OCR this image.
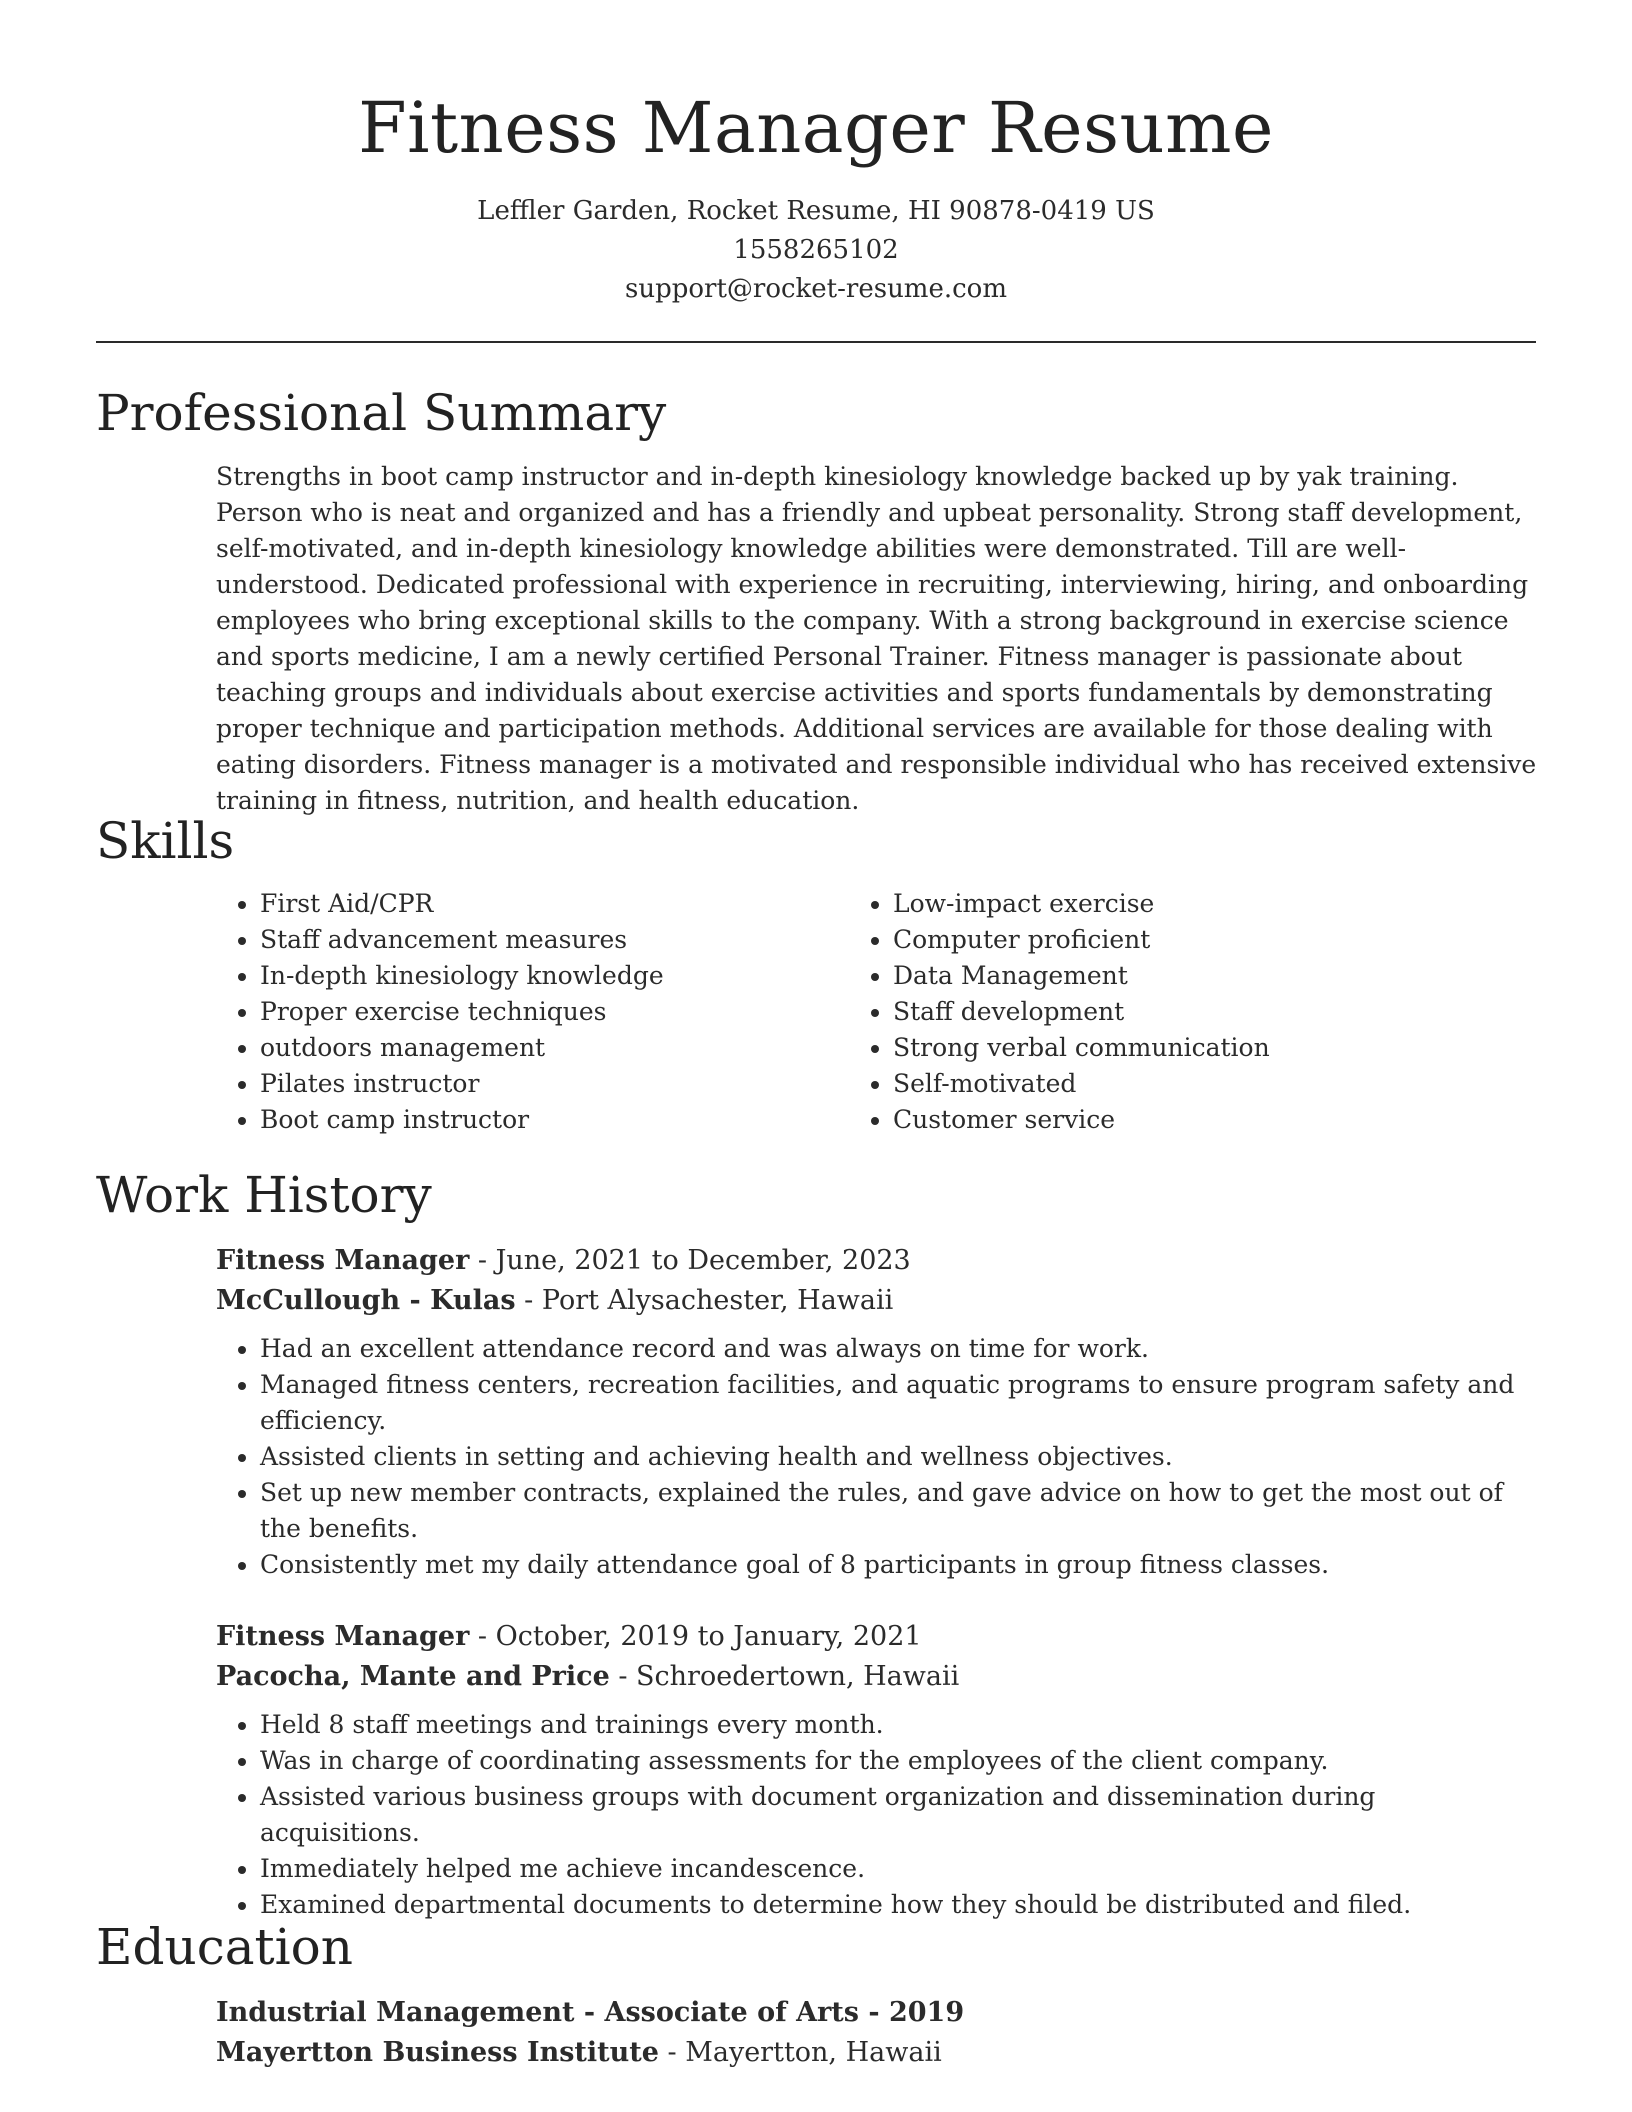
Fitness Manager Resume
Leffler Garden, Rocket Resume, HI 90878-0419 US
1558265102
support@rocket-resume.com
Professional Summary

Strengths in boot camp instructor and in-depth kinesiology knowledge backed up by yak training. Person who is neat and organized and has a friendly and upbeat personality. Strong staff development, self-motivated, and in-depth kinesiology knowledge abilities were demonstrated. Till are well-understood. Dedicated professional with experience in recruiting, interviewing, hiring, and onboarding employees who bring exceptional skills to the company. With a strong background in exercise science and sports medicine, I am a newly certified Personal Trainer. Fitness manager is passionate about teaching groups and individuals about exercise activities and sports fundamentals by demonstrating proper technique and participation methods. Additional services are available for those dealing with eating disorders. Fitness manager is a motivated and responsible individual who has received extensive training in fitness, nutrition, and health education.

Skills
• First Aid/CPR
• Staff advancement measures
• In-depth kinesiology knowledge
• Proper exercise techniques
• outdoors management
• Pilates instructor
• Boot camp instructor
• Low-impact exercise
• Computer proficient
• Data Management
• Staff development
• Strong verbal communication
• Self-motivated
• Customer service
Work History
Fitness Manager - June, 2021 to December, 2023
McCullough - Kulas - Port Alysachester, Hawaii
• Had an excellent attendance record and was always on time for work.
• Managed fitness centers, recreation facilities, and aquatic programs to ensure program safety and efficiency.
• Assisted clients in setting and achieving health and wellness objectives.
• Set up new member contracts, explained the rules, and gave advice on how to get the most out of the benefits.
• Consistently met my daily attendance goal of 8 participants in group fitness classes.
Fitness Manager - October, 2019 to January, 2021
Pacocha, Mante and Price - Schroedertown, Hawaii
• Held 8 staff meetings and trainings every month.
• Was in charge of coordinating assessments for the employees of the client company.
• Assisted various business groups with document organization and dissemination during acquisitions.
• Immediately helped me achieve incandescence.
• Examined departmental documents to determine how they should be distributed and filed.
Education
Industrial Management - Associate of Arts - 2019
Mayertton Business Institute - Mayertton, Hawaii
